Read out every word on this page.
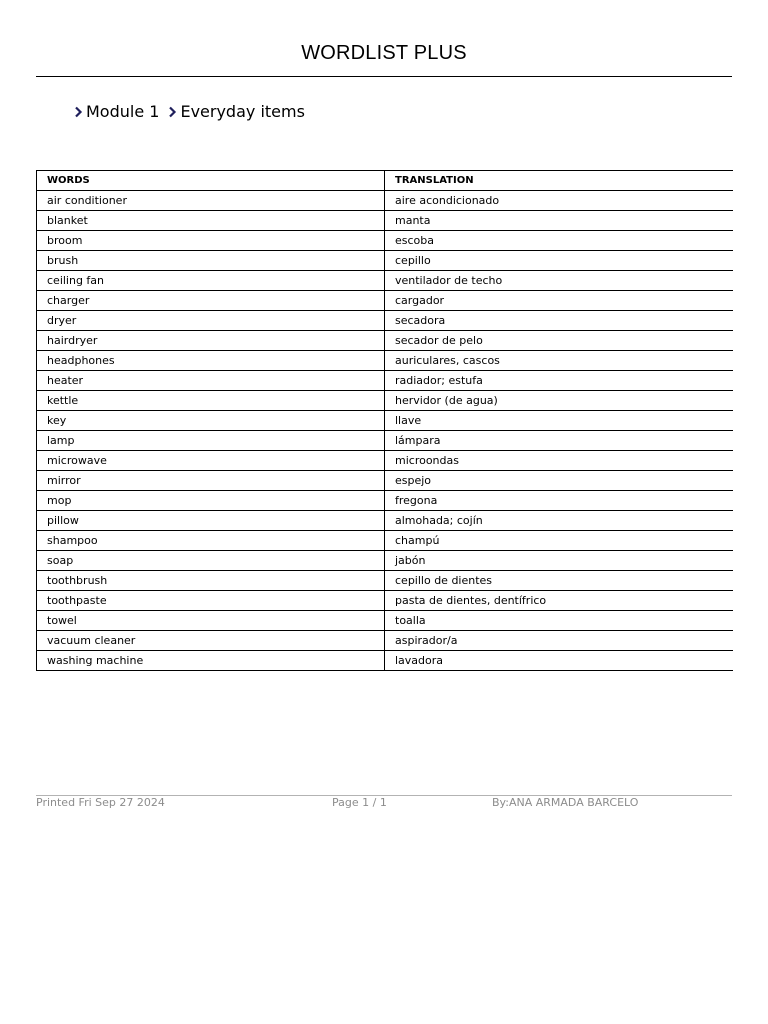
WORDLIST PLUS
Module 1 Everyday items
WORDS	TRANSLATION
air conditioner	aire acondicionado
blanket	manta
broom	escoba
brush	cepillo
ceiling fan	ventilador de techo
charger	cargador
dryer	secadora
hairdryer	secador de pelo
headphones	auriculares, cascos
heater	radiador; estufa
kettle	hervidor (de agua)
key	llave
lamp	lámpara
microwave	microondas
mirror	espejo
mop	fregona
pillow	almohada; cojín
shampoo	champú
soap	jabón
toothbrush	cepillo de dientes
toothpaste	pasta de dientes, dentífrico
towel	toalla
vacuum cleaner	aspirador/a
washing machine	lavadora
Printed Fri Sep 27 2024	Page 1 / 1	By:ANA ARMADA BARCELO
